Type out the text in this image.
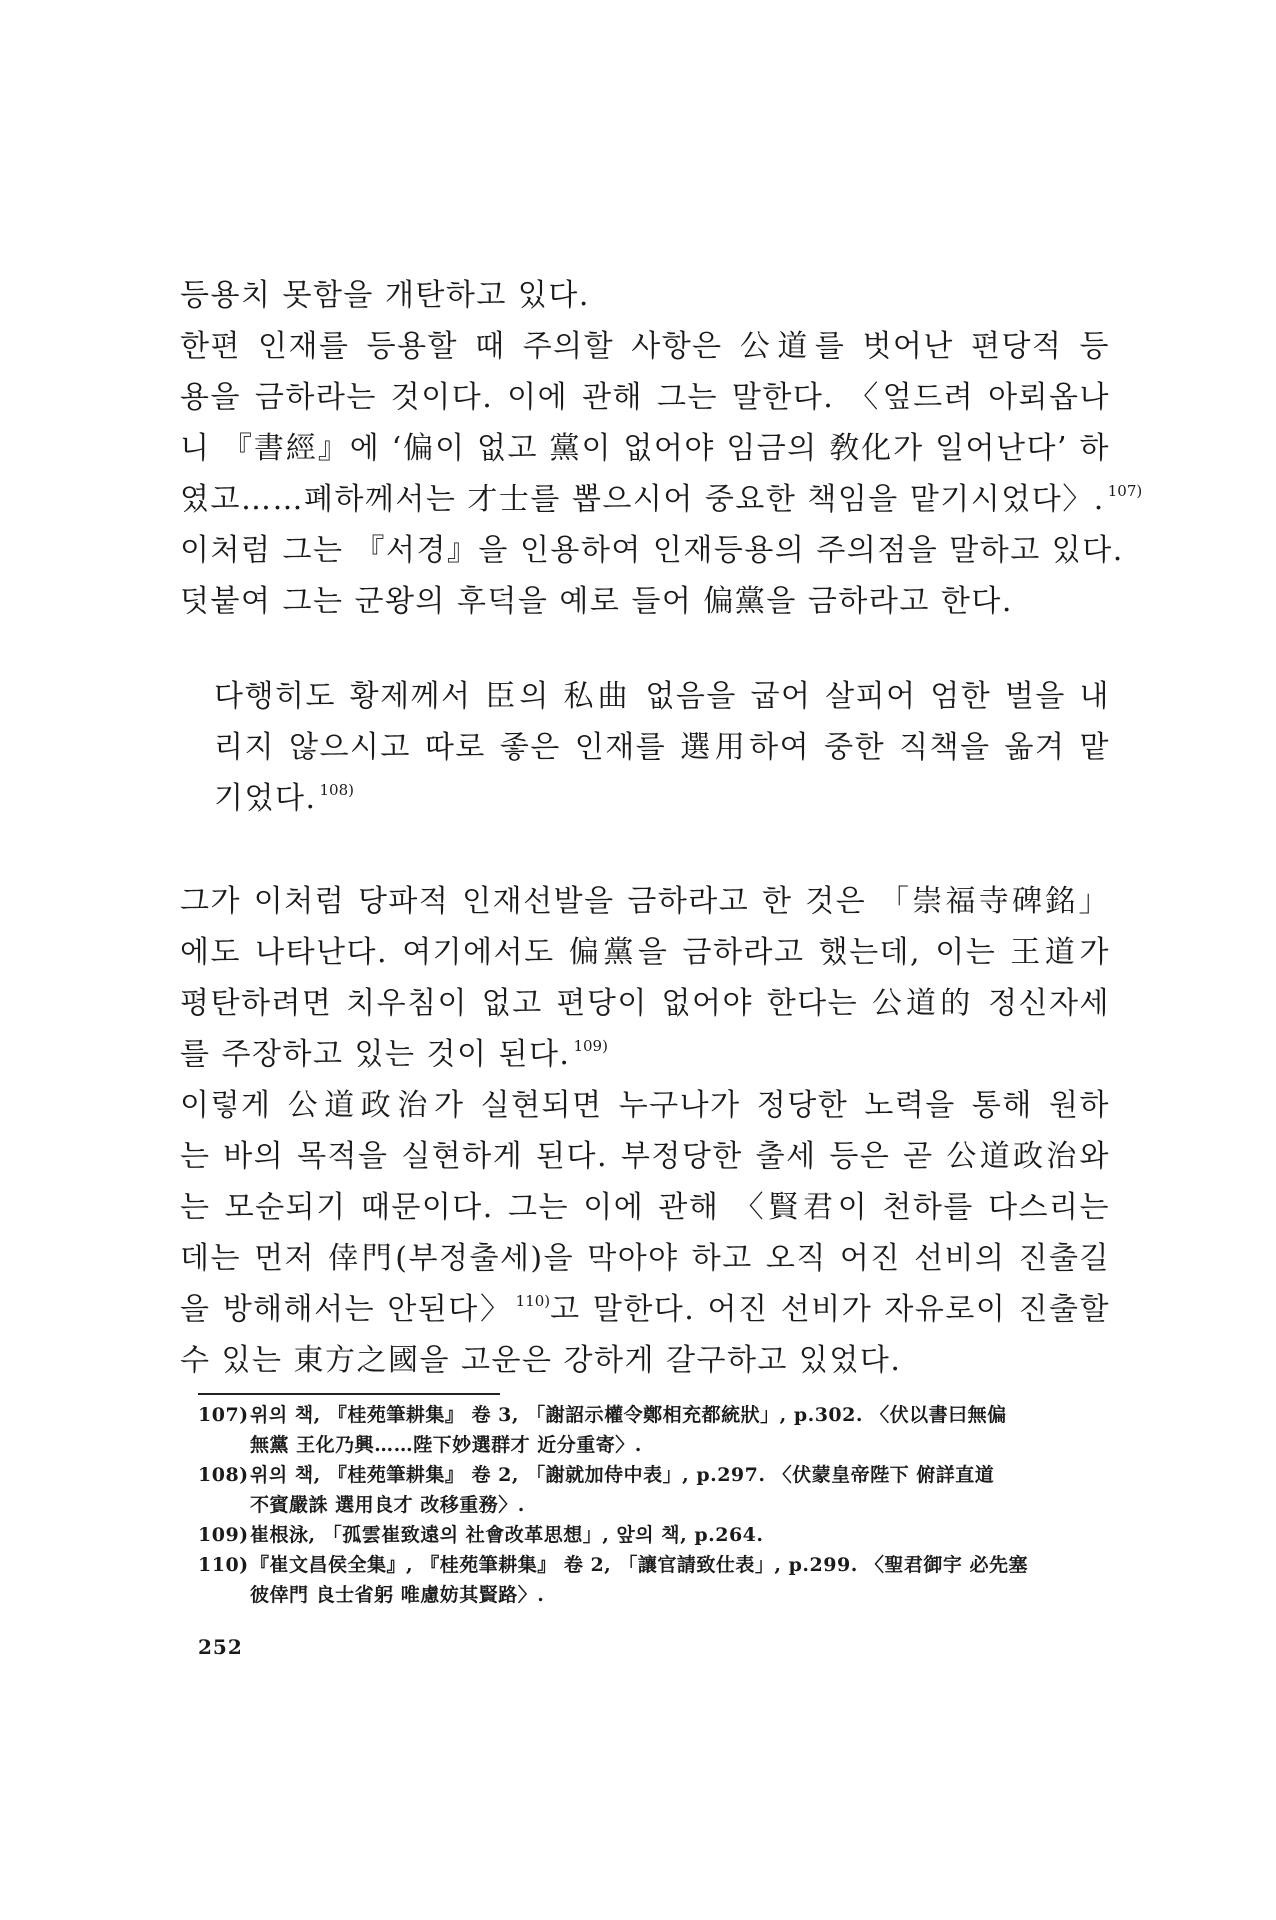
등용치 못함을 개탄하고 있다.
한편 인재를 등용할 때 주의할 사항은 公道를 벗어난 편당적 등
용을 금하라는 것이다. 이에 관해 그는 말한다. 〈엎드려 아뢰옵나
니 『書經』에 ‘偏이 없고 黨이 없어야 임금의 敎化가 일어난다’ 하
였고……폐하께서는 才士를 뽑으시어 중요한 책임을 맡기시었다〉. $^{107)}$
이처럼 그는 『서경』을 인용하여 인재등용의 주의점을 말하고 있다.
덧붙여 그는 군왕의 후덕을 예로 들어 偏黨을 금하라고 한다.
다행히도 황제께서 臣의 私曲 없음을 굽어 살피어 엄한 벌을 내
리지 않으시고 따로 좋은 인재를 選用하여 중한 직책을 옮겨 맡
기었다. $^{108)}$
그가 이처럼 당파적 인재선발을 금하라고 한 것은 「崇福寺碑銘」
에도 나타난다. 여기에서도 偏黨을 금하라고 했는데, 이는 王道가
평탄하려면 치우침이 없고 편당이 없어야 한다는 公道的 정신자세
를 주장하고 있는 것이 된다. $^{109)}$
이렇게 公道政治가 실현되면 누구나가 정당한 노력을 통해 원하
는 바의 목적을 실현하게 된다. 부정당한 출세 등은 곧 公道政治와
는 모순되기 때문이다. 그는 이에 관해 〈賢君이 천하를 다스리는
데는 먼저 倖門(부정출세)을 막아야 하고 오직 어진 선비의 진출길
을 방해해서는 안된다〉 $^{110)}$고 말한다. 어진 선비가 자유로이 진출할
수 있는 東方之國을 고운은 강하게 갈구하고 있었다.
107)위의 책, 『桂苑筆耕集』 卷 3, 「謝詔示權令鄭相充都統狀」, p.302. 〈伏以書曰無偏
無黨 王化乃興……陛下妙選群才 近分重寄〉.
108)위의 책, 『桂苑筆耕集』 卷 2, 「謝就加侍中表」, p.297. 〈伏蒙皇帝陛下 俯詳直道
不賓嚴誅 選用良才 改移重務〉.
109)崔根泳, 「孤雲崔致遠의 社會改革思想」, 앞의 책, p.264.
110)『崔文昌侯全集』, 『桂苑筆耕集』 卷 2, 「讓官請致仕表」, p.299. 〈聖君御宇 必先塞
彼倖門 良士省躬 唯慮妨其賢路〉.
252
